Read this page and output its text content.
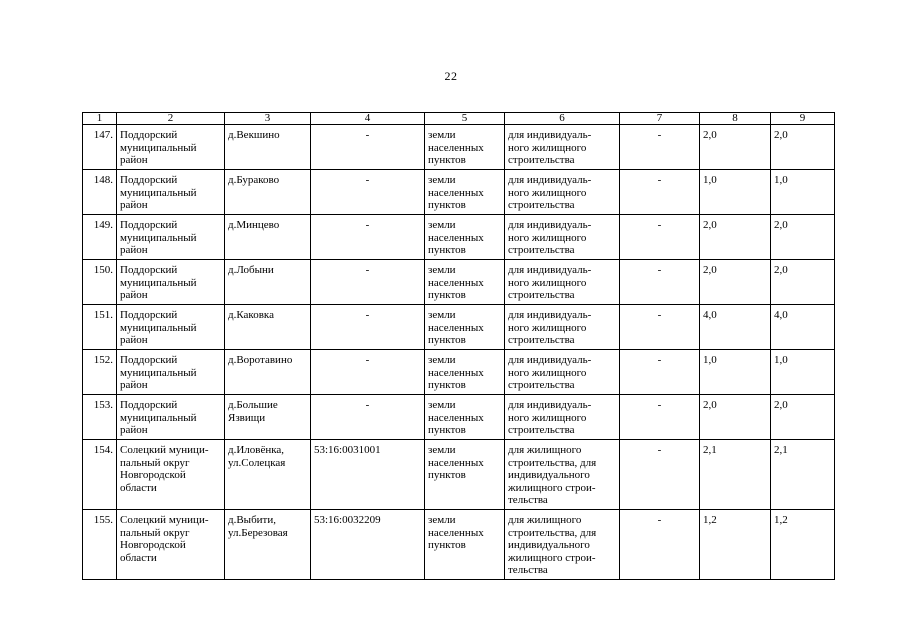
22
1	2	3	4	5	6	7	8	9
147.	Поддорский
муниципальный
район	д.Векшино	-	земли
населенных
пунктов	для индивидуаль-
ного жилищного
строительства	-	2,0	2,0
148.	Поддорский
муниципальный
район	д.Бураково	-	земли
населенных
пунктов	для индивидуаль-
ного жилищного
строительства	-	1,0	1,0
149.	Поддорский
муниципальный
район	д.Минцево	-	земли
населенных
пунктов	для индивидуаль-
ного жилищного
строительства	-	2,0	2,0
150.	Поддорский
муниципальный
район	д.Лобыни	-	земли
населенных
пунктов	для индивидуаль-
ного жилищного
строительства	-	2,0	2,0
151.	Поддорский
муниципальный
район	д.Каковка	-	земли
населенных
пунктов	для индивидуаль-
ного жилищного
строительства	-	4,0	4,0
152.	Поддорский
муниципальный
район	д.Воротавино	-	земли
населенных
пунктов	для индивидуаль-
ного жилищного
строительства	-	1,0	1,0
153.	Поддорский
муниципальный
район	д.Большие
Язвищи	-	земли
населенных
пунктов	для индивидуаль-
ного жилищного
строительства	-	2,0	2,0
154.	Солецкий муници-
пальный округ
Новгородской
области	д.Иловёнка,
ул.Солецкая	53:16:0031001	земли
населенных
пунктов	для жилищного
строительства, для
индивидуального
жилищного строи-
тельства	-	2,1	2,1
155.	Солецкий муници-
пальный округ
Новгородской
области	д.Выбити,
ул.Березовая	53:16:0032209	земли
населенных
пунктов	для жилищного
строительства, для
индивидуального
жилищного строи-
тельства	-	1,2	1,2
